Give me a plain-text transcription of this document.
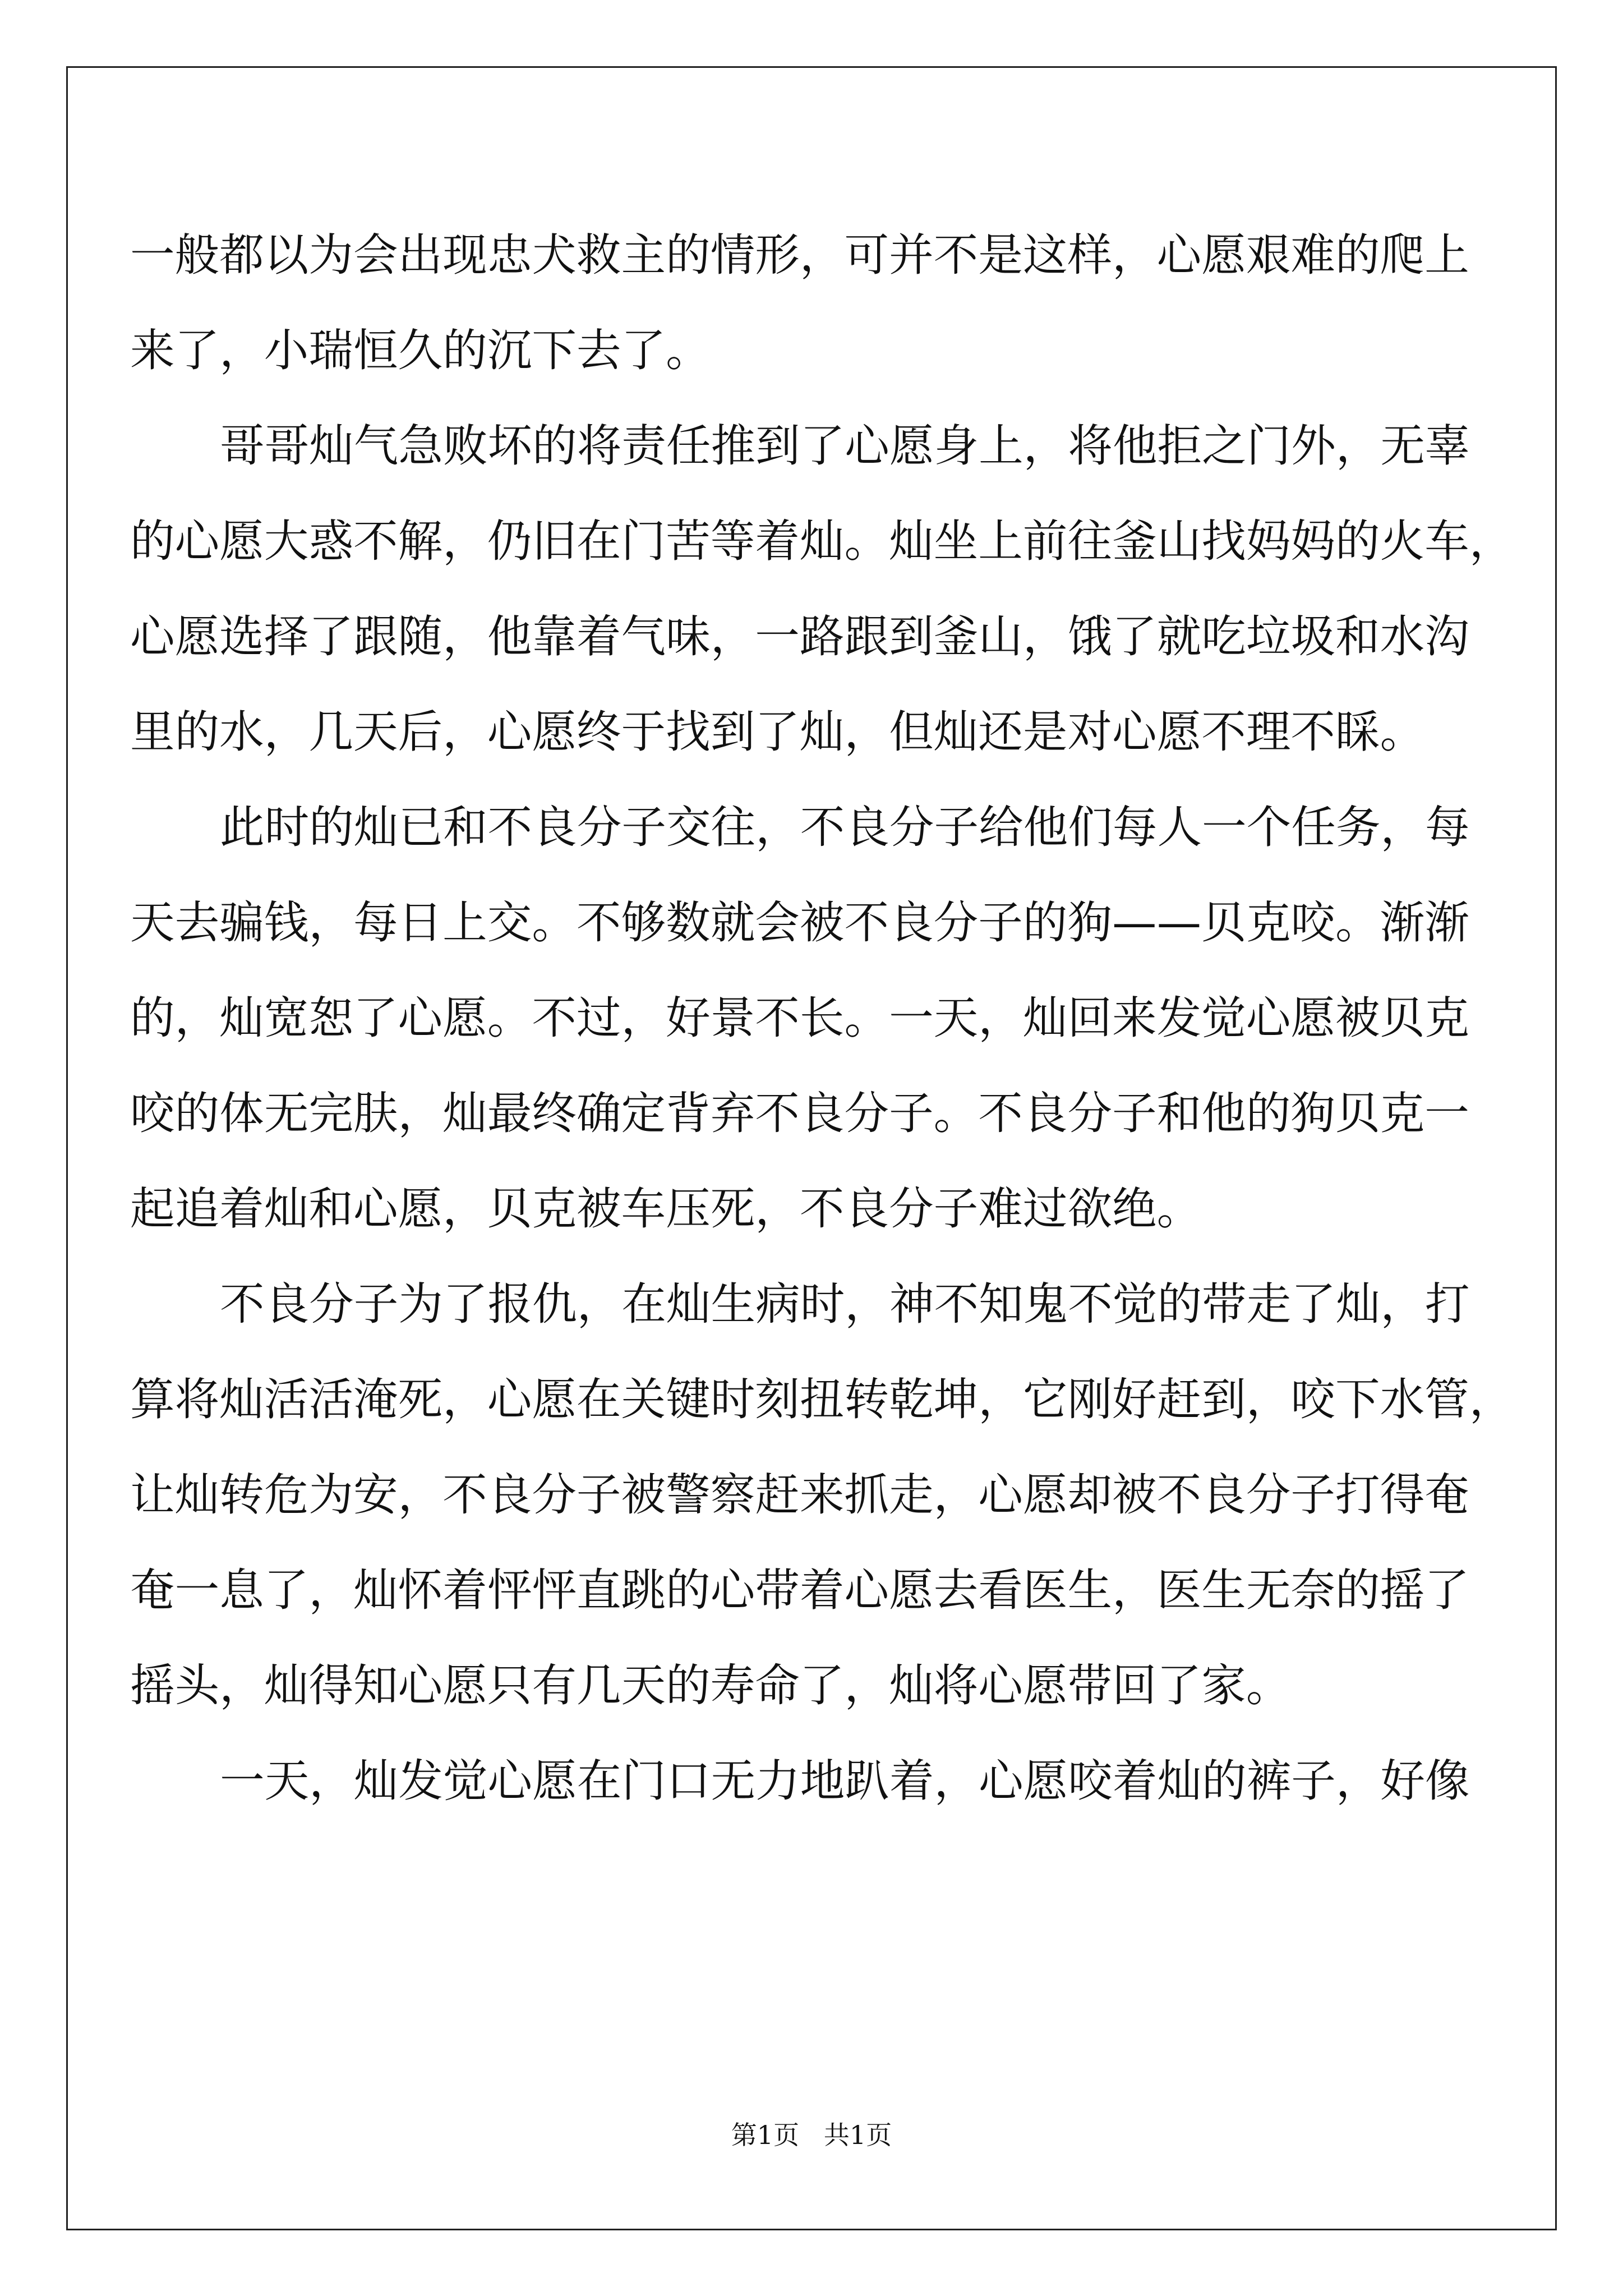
一般都以为会出现忠犬救主的情形，可并不是这样，心愿艰难的爬上
来了，小瑞恒久的沉下去了。
哥哥灿气急败坏的将责任推到了心愿身上，将他拒之门外，无辜
的心愿大惑不解，仍旧在门苦等着灿。灿坐上前往釜山找妈妈的火车，
心愿选择了跟随，他靠着气味，一路跟到釜山，饿了就吃垃圾和水沟
里的水，几天后，心愿终于找到了灿，但灿还是对心愿不理不睬。
此时的灿已和不良分子交往，不良分子给他们每人一个任务，每
天去骗钱，每日上交。不够数就会被不良分子的狗——贝克咬。渐渐
的，灿宽恕了心愿。不过，好景不长。一天，灿回来发觉心愿被贝克
咬的体无完肤，灿最终确定背弃不良分子。不良分子和他的狗贝克一
起追着灿和心愿，贝克被车压死，不良分子难过欲绝。
不良分子为了报仇，在灿生病时，神不知鬼不觉的带走了灿，打
算将灿活活淹死，心愿在关键时刻扭转乾坤，它刚好赶到，咬下水管，
让灿转危为安，不良分子被警察赶来抓走，心愿却被不良分子打得奄
奄一息了，灿怀着怦怦直跳的心带着心愿去看医生，医生无奈的摇了
摇头，灿得知心愿只有几天的寿命了，灿将心愿带回了家。
一天，灿发觉心愿在门口无力地趴着，心愿咬着灿的裤子，好像
第1页   共1页
